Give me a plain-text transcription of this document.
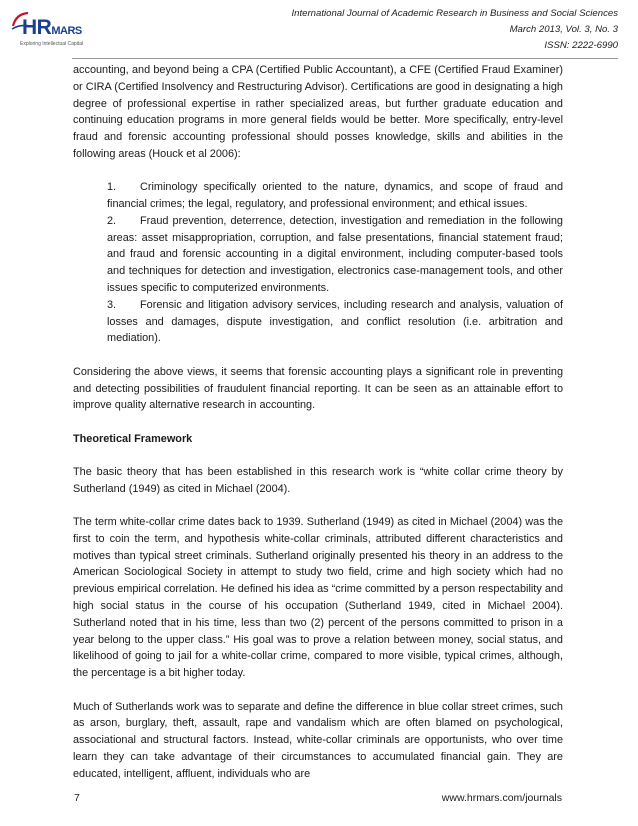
HRMARS
Exploring Intellectual Capital
International Journal of Academic Research in Business and Social Sciences
March 2013, Vol. 3, No. 3
ISSN: 2222-6990

accounting, and beyond being a CPA (Certified Public Accountant), a CFE (Certified Fraud Examiner) or CIRA (Certified Insolvency and Restructuring Advisor). Certifications are good in designating a high degree of professional expertise in rather specialized areas, but further graduate education and continuing education programs in more general fields would be better. More specifically, entry-level fraud and forensic accounting professional should posses knowledge, skills and abilities in the following areas (Houck et al 2006):

1. Criminology specifically oriented to the nature, dynamics, and scope of fraud and financial crimes; the legal, regulatory, and professional environment; and ethical issues.

2. Fraud prevention, deterrence, detection, investigation and remediation in the following areas: asset misappropriation, corruption, and false presentations, financial statement fraud; and fraud and forensic accounting in a digital environment, including computer-based tools and techniques for detection and investigation, electronics case-management tools, and other issues specific to computerized environments.

3. Forensic and litigation advisory services, including research and analysis, valuation of losses and damages, dispute investigation, and conflict resolution (i.e. arbitration and mediation).

Considering the above views, it seems that forensic accounting plays a significant role in preventing and detecting possibilities of fraudulent financial reporting. It can be seen as an attainable effort to improve quality alternative research in accounting.

Theoretical Framework

The basic theory that has been established in this research work is “white collar crime theory by Sutherland (1949) as cited in Michael (2004).

The term white-collar crime dates back to 1939. Sutherland (1949) as cited in Michael (2004) was the first to coin the term, and hypothesis white-collar criminals, attributed different characteristics and motives than typical street criminals. Sutherland originally presented his theory in an address to the American Sociological Society in attempt to study two field, crime and high society which had no previous empirical correlation. He defined his idea as “crime committed by a person respectability and high social status in the course of his occupation (Sutherland 1949, cited in Michael 2004). Sutherland noted that in his time, less than two (2) percent of the persons committed to prison in a year belong to the upper class.” His goal was to prove a relation between money, social status, and likelihood of going to jail for a white-collar crime, compared to more visible, typical crimes, although, the percentage is a bit higher today.

Much of Sutherlands work was to separate and define the difference in blue collar street crimes, such as arson, burglary, theft, assault, rape and vandalism which are often blamed on psychological, associational and structural factors. Instead, white-collar criminals are opportunists, who over time learn they can take advantage of their circumstances to accumulated financial gain. They are educated, intelligent, affluent, individuals who are

7	www.hrmars.com/journals
